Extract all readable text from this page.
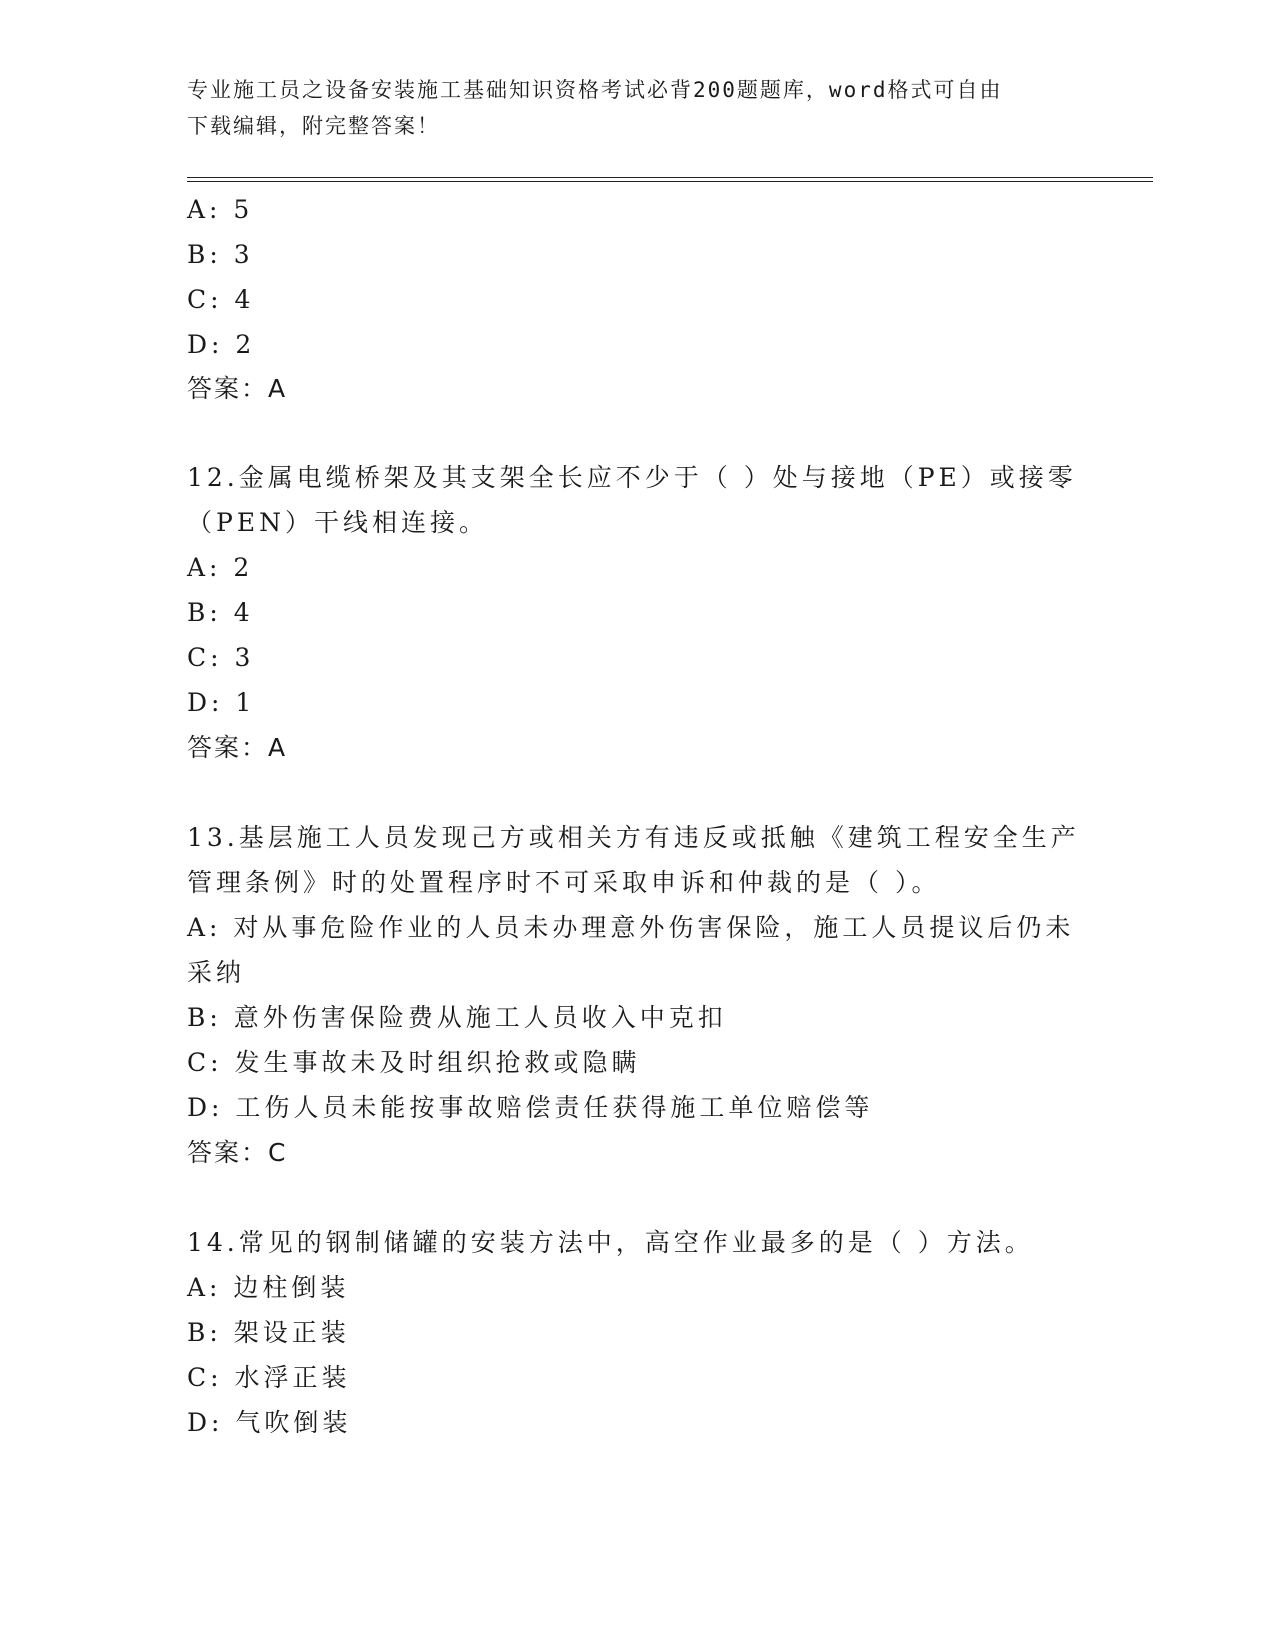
专业施工员之设备安装施工基础知识资格考试必背200题题库，word格式可自由
下载编辑，附完整答案！
A: 5
B: 3
C: 4
D: 2
答案：A
12.金属电缆桥架及其支架全长应不少于（ ）处与接地（PE）或接零
（PEN）干线相连接。
A: 2
B: 4
C: 3
D: 1
答案：A
13.基层施工人员发现己方或相关方有违反或抵触《建筑工程安全生产
管理条例》时的处置程序时不可采取申诉和仲裁的是（ ）。
A: 对从事危险作业的人员未办理意外伤害保险，施工人员提议后仍未
采纳
B: 意外伤害保险费从施工人员收入中克扣
C: 发生事故未及时组织抢救或隐瞒
D: 工伤人员未能按事故赔偿责任获得施工单位赔偿等
答案：C
14.常见的钢制储罐的安装方法中，高空作业最多的是（ ）方法。
A: 边柱倒装
B: 架设正装
C: 水浮正装
D: 气吹倒装
